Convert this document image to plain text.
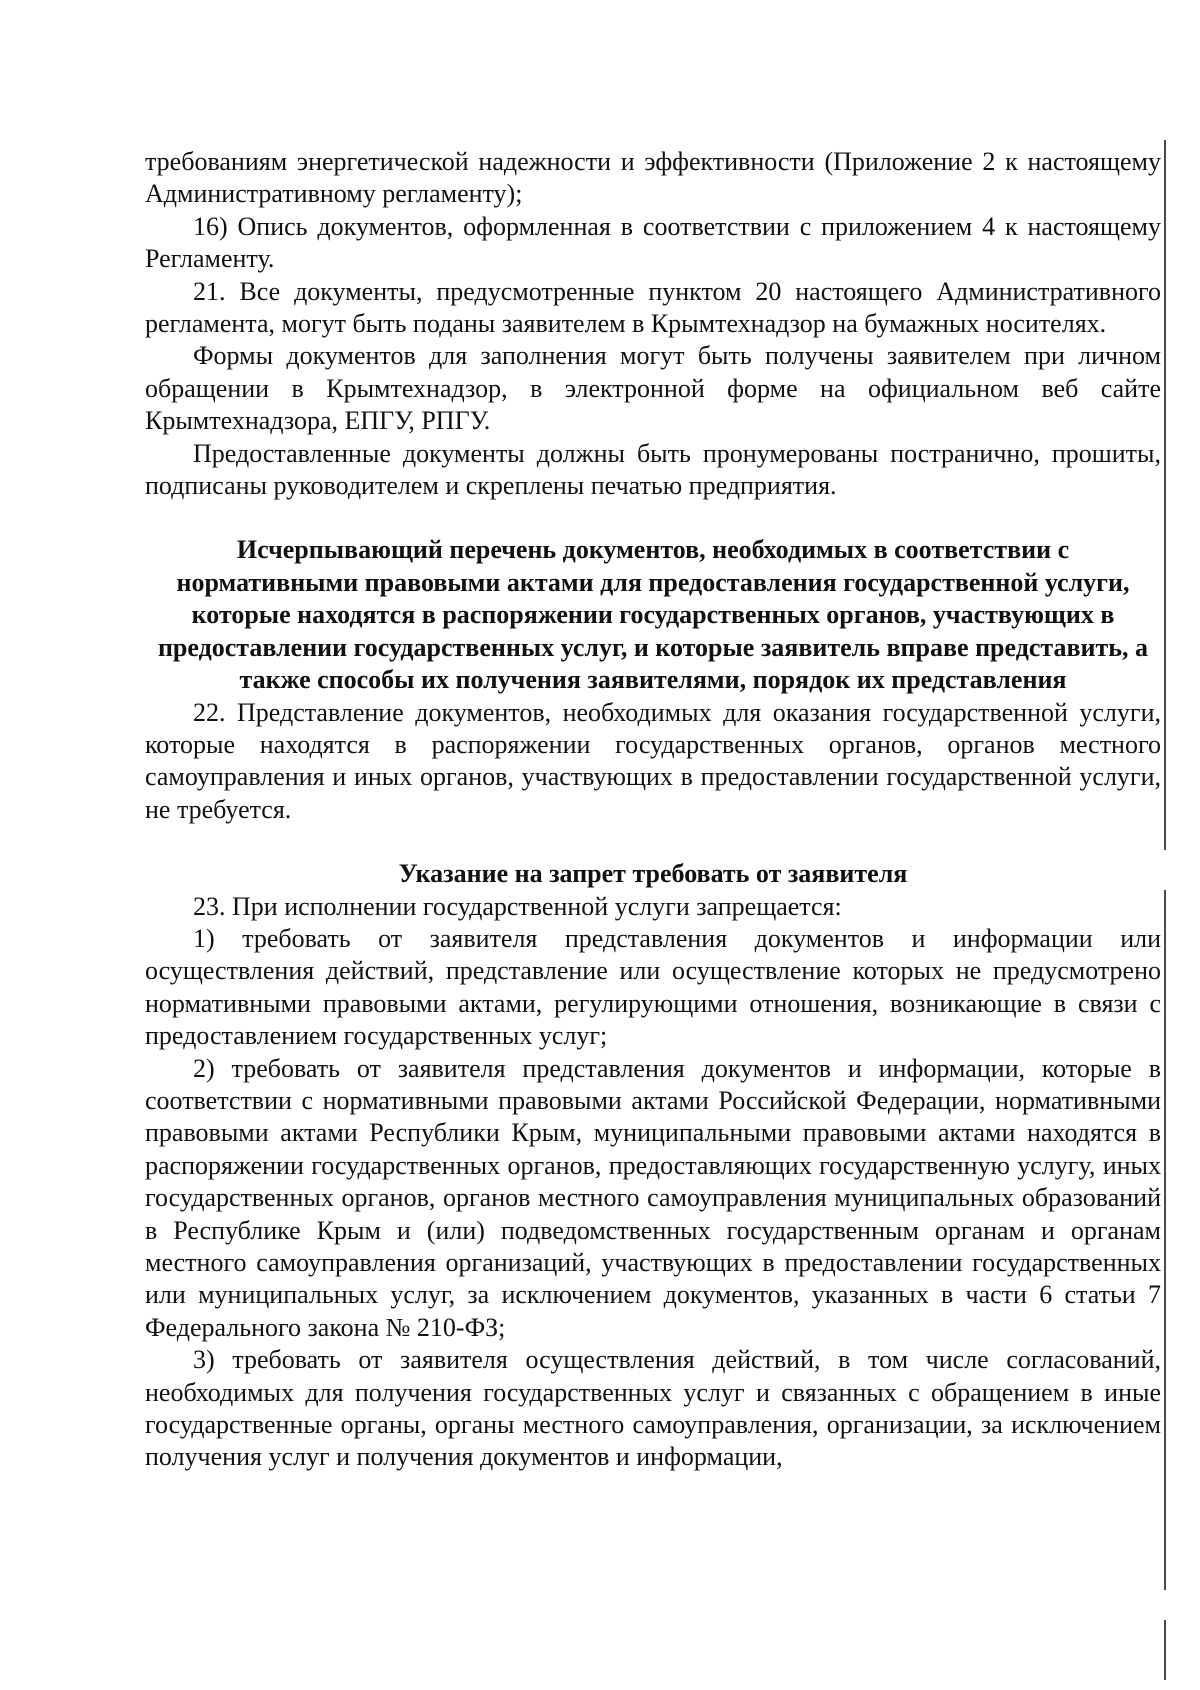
требованиям энергетической надежности и эффективности (Приложение 2 к настоящему Административному регламенту);

16) Опись документов, оформленная в соответствии с приложением 4 к настоящему Регламенту.

21. Все документы, предусмотренные пунктом 20 настоящего Административного регламента, могут быть поданы заявителем в Крымтехнадзор на бумажных носителях.

Формы документов для заполнения могут быть получены заявителем при личном обращении в Крымтехнадзор, в электронной форме на официальном веб сайте Крымтехнадзора, ЕПГУ, РПГУ.

Предоставленные документы должны быть пронумерованы постранично, прошиты, подписаны руководителем и скреплены печатью предприятия.

Исчерпывающий перечень документов, необходимых в соответствии с нормативными правовыми актами для предоставления государственной услуги, которые находятся в распоряжении государственных органов, участвующих в предоставлении государственных услуг, и которые заявитель вправе представить, а также способы их получения заявителями, порядок их представления

22. Представление документов, необходимых для оказания государственной услуги, которые находятся в распоряжении государственных органов, органов местного самоуправления и иных органов, участвующих в предоставлении государственной услуги, не требуется.

Указание на запрет требовать от заявителя

23. При исполнении государственной услуги запрещается:

1) требовать от заявителя представления документов и информации или осуществления действий, представление или осуществление которых не предусмотрено нормативными правовыми актами, регулирующими отношения, возникающие в связи с предоставлением государственных услуг;

2) требовать от заявителя представления документов и информации, которые в соответствии с нормативными правовыми актами Российской Федерации, нормативными правовыми актами Республики Крым, муниципальными правовыми актами находятся в распоряжении государственных органов, предоставляющих государственную услугу, иных государственных органов, органов местного самоуправления муниципальных образований в Республике Крым и (или) подведомственных государственным органам и органам местного самоуправления организаций, участвующих в предоставлении государственных или муниципальных услуг, за исключением документов, указанных в части 6 статьи 7 Федерального закона № 210-ФЗ;

3) требовать от заявителя осуществления действий, в том числе согласований, необходимых для получения государственных услуг и связанных с обращением в иные государственные органы, органы местного самоуправления, организации, за исключением получения услуг и получения документов и информации,
